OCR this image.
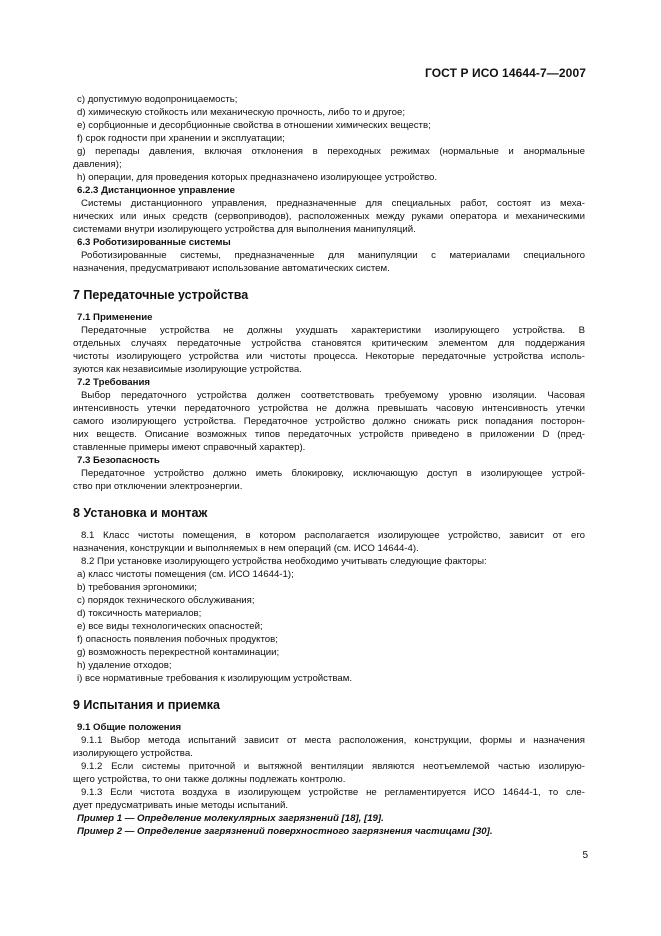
ГОСТ Р ИСО 14644-7—2007
c) допустимую водопроницаемость;
d) химическую стойкость или механическую прочность, либо то и другое;
e) сорбционные и десорбционные свойства в отношении химических веществ;
f) срок годности при хранении и эксплуатации;
g) перепады давления, включая отклонения в переходных режимах (нормальные и анормальные
давления);
h) операции, для проведения которых предназначено изолирующее устройство.
6.2.3 Дистанционное управление
Системы дистанционного управления, предназначенные для специальных работ, состоят из меха-
нических или иных средств (сервоприводов), расположенных между руками оператора и механическими
системами внутри изолирующего устройства для выполнения манипуляций.
6.3 Роботизированные системы
Роботизированные системы, предназначенные для манипуляции с материалами специального
назначения, предусматривают использование автоматических систем.
7 Передаточные устройства
7.1 Применение
Передаточные устройства не должны ухудшать характеристики изолирующего устройства. В
отдельных случаях передаточные устройства становятся критическим элементом для поддержания
чистоты изолирующего устройства или чистоты процесса. Некоторые передаточные устройства исполь-
зуются как независимые изолирующие устройства.
7.2 Требования
Выбор передаточного устройства должен соответствовать требуемому уровню изоляции. Часовая
интенсивность утечки передаточного устройства не должна превышать часовую интенсивность утечки
самого изолирующего устройства. Передаточное устройство должно снижать риск попадания посторон-
них веществ. Описание возможных типов передаточных устройств приведено в приложении D (пред-
ставленные примеры имеют справочный характер).
7.3 Безопасность
Передаточное устройство должно иметь блокировку, исключающую доступ в изолирующее устрой-
ство при отключении электроэнергии.
8 Установка и монтаж
8.1 Класс чистоты помещения, в котором располагается изолирующее устройство, зависит от его
назначения, конструкции и выполняемых в нем операций (см. ИСО 14644-4).
8.2 При установке изолирующего устройства необходимо учитывать следующие факторы:
a) класс чистоты помещения (см. ИСО 14644-1);
b) требования эргономики;
c) порядок технического обслуживания;
d) токсичность материалов;
e) все виды технологических опасностей;
f) опасность появления побочных продуктов;
g) возможность перекрестной контаминации;
h) удаление отходов;
i) все нормативные требования к изолирующим устройствам.
9 Испытания и приемка
9.1 Общие положения
9.1.1 Выбор метода испытаний зависит от места расположения, конструкции, формы и назначения
изолирующего устройства.
9.1.2 Если системы приточной и вытяжной вентиляции являются неотъемлемой частью изолирую-
щего устройства, то они также должны подлежать контролю.
9.1.3 Если чистота воздуха в изолирующем устройстве не регламентируется ИСО 14644-1, то сле-
дует предусматривать иные методы испытаний.
Пример 1 — Определение молекулярных загрязнений [18], [19].
Пример 2 — Определение загрязнений поверхностного загрязнения частицами [30].
5
